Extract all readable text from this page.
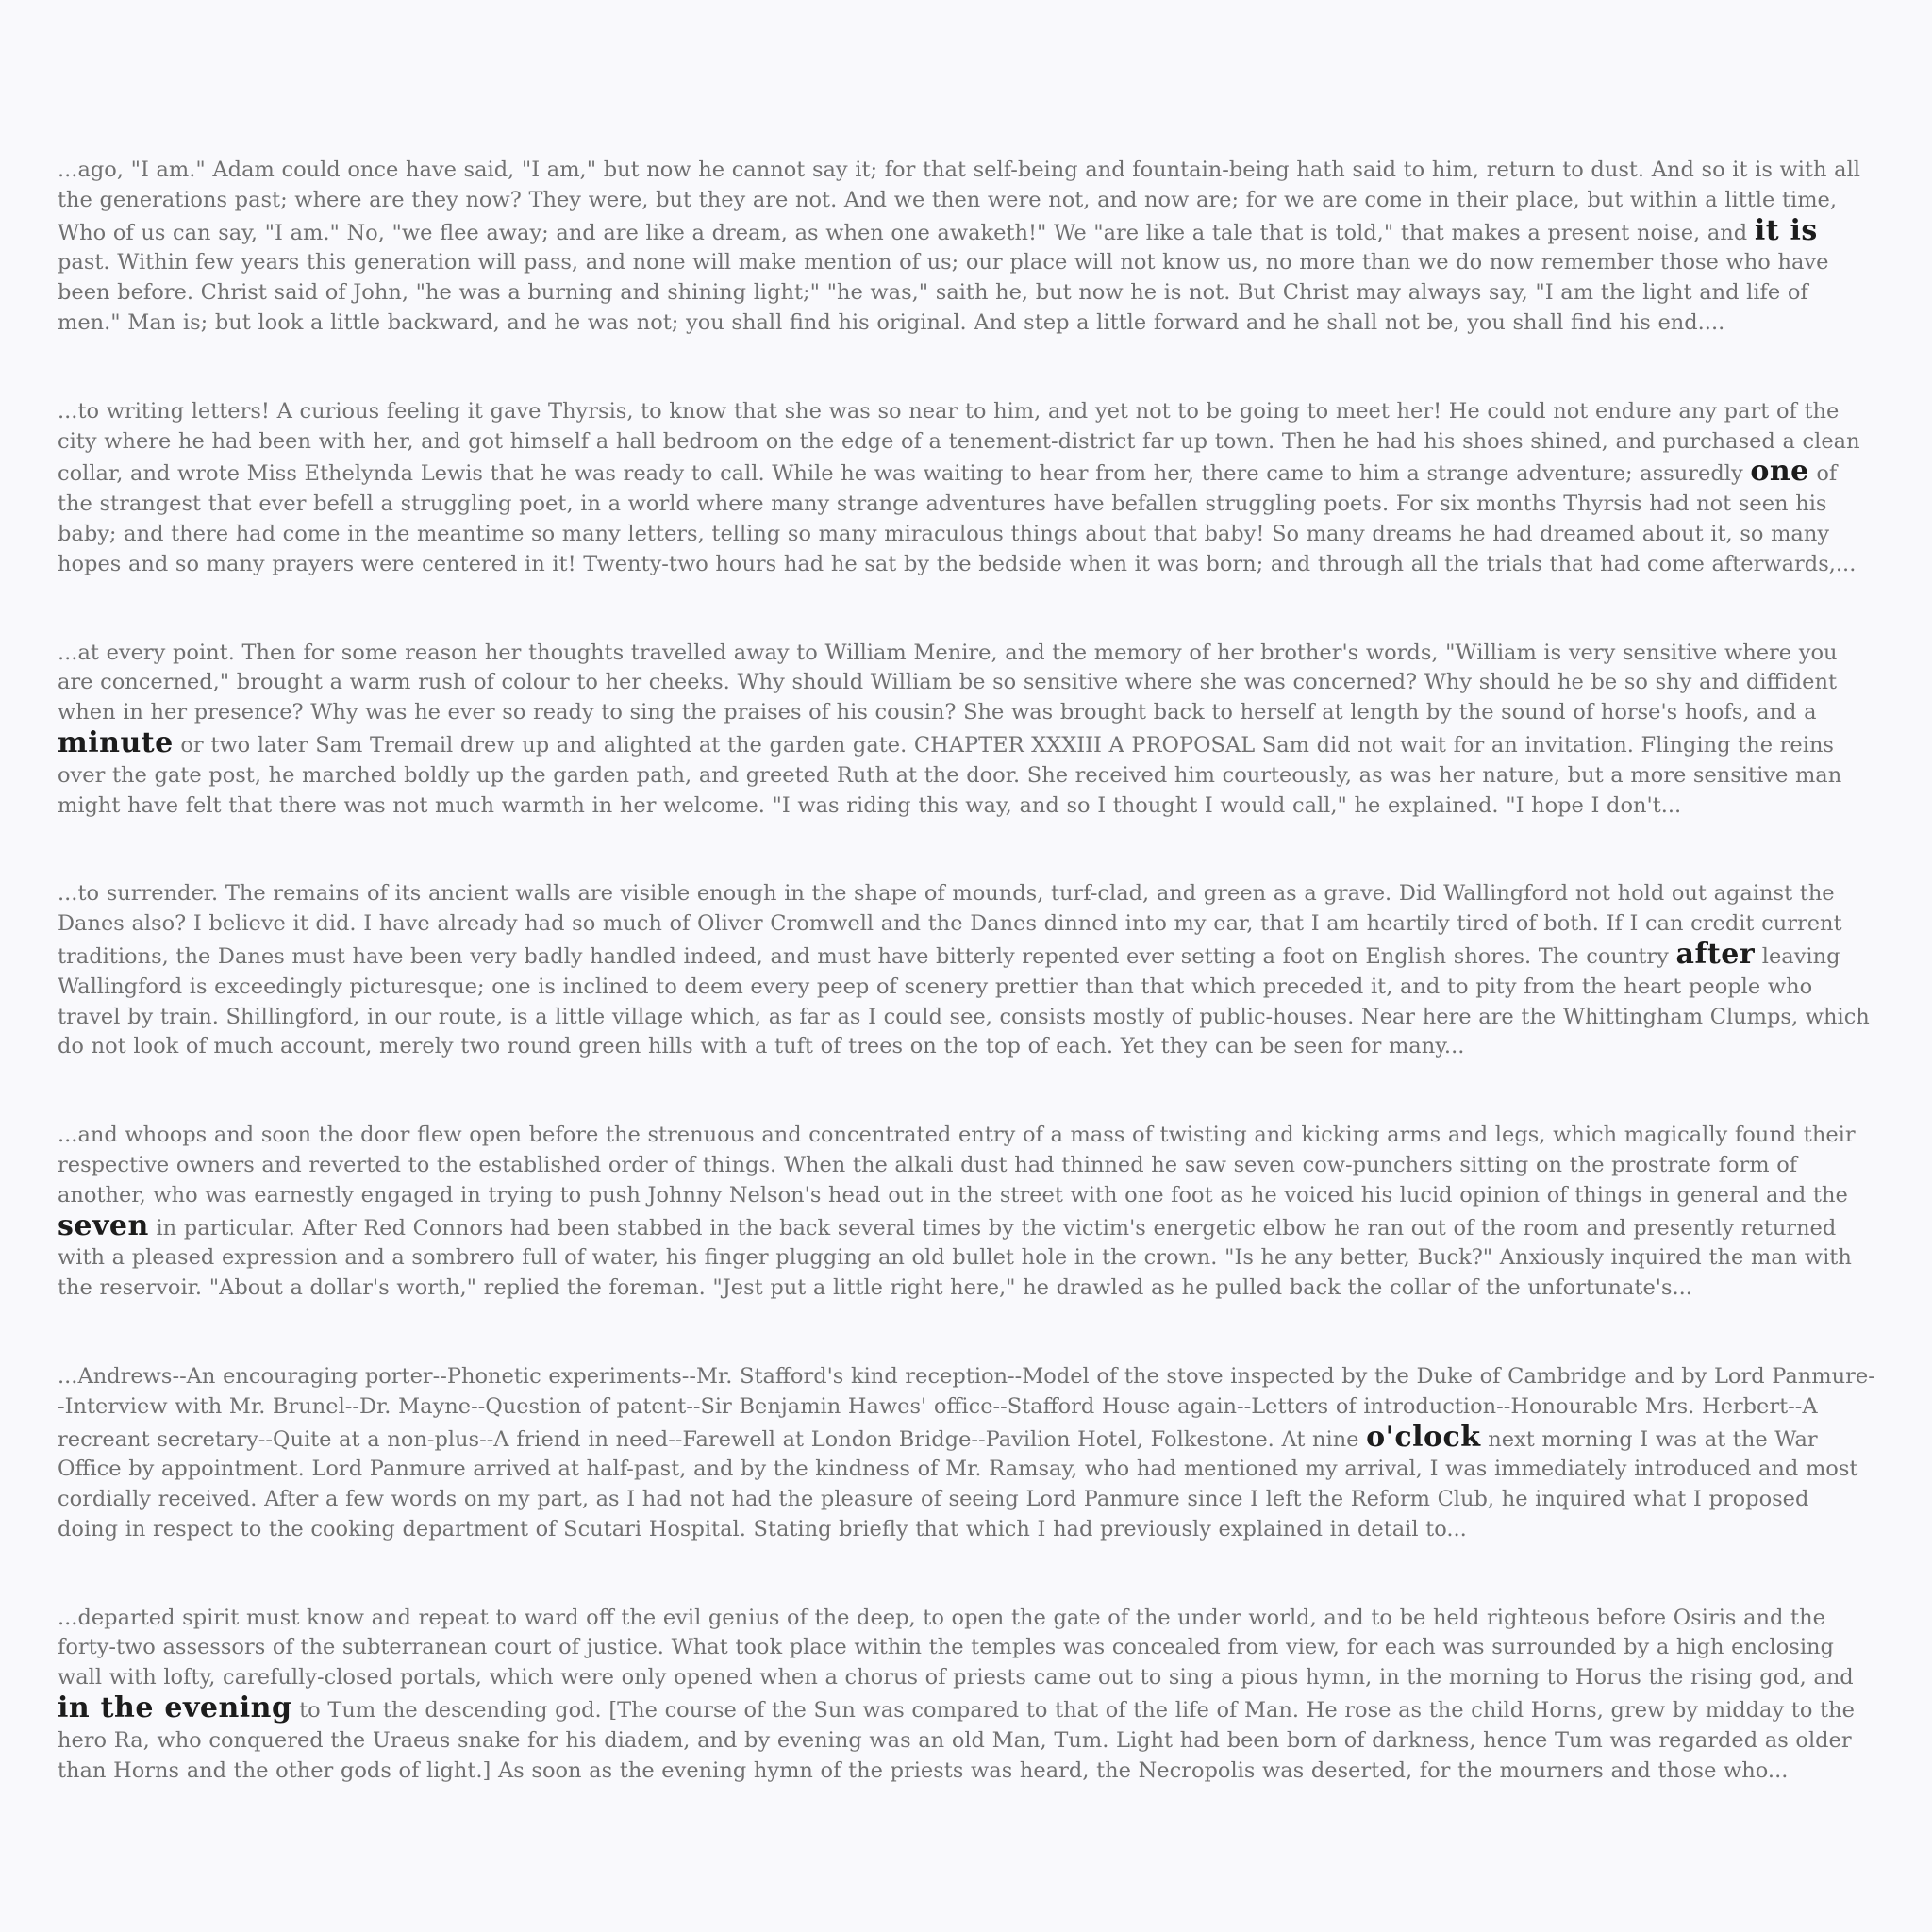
...ago, "I am." Adam could once have said, "I am," but now he cannot say it; for that self-being and fountain-being hath said to him, return to dust. And so it is with all the generations past; where are they now? They were, but they are not. And we then were not, and now are; for we are come in their place, but within a little time, Who of us can say, "I am." No, "we flee away; and are like a dream, as when one awaketh!" We "are like a tale that is told," that makes a present noise, and it is past. Within few years this generation will pass, and none will make mention of us; our place will not know us, no more than we do now remember those who have been before. Christ said of John, "he was a burning and shining light;" "he was," saith he, but now he is not. But Christ may always say, "I am the light and life of men." Man is; but look a little backward, and he was not; you shall find his original. And step a little forward and he shall not be, you shall find his end....

...to writing letters! A curious feeling it gave Thyrsis, to know that she was so near to him, and yet not to be going to meet her! He could not endure any part of the city where he had been with her, and got himself a hall bedroom on the edge of a tenement-district far up town. Then he had his shoes shined, and purchased a clean collar, and wrote Miss Ethelynda Lewis that he was ready to call. While he was waiting to hear from her, there came to him a strange adventure; assuredly one of the strangest that ever befell a struggling poet, in a world where many strange adventures have befallen struggling poets. For six months Thyrsis had not seen his baby; and there had come in the meantime so many letters, telling so many miraculous things about that baby! So many dreams he had dreamed about it, so many hopes and so many prayers were centered in it! Twenty-two hours had he sat by the bedside when it was born; and through all the trials that had come afterwards,...

...at every point. Then for some reason her thoughts travelled away to William Menire, and the memory of her brother's words, "William is very sensitive where you are concerned," brought a warm rush of colour to her cheeks. Why should William be so sensitive where she was concerned? Why should he be so shy and diffident when in her presence? Why was he ever so ready to sing the praises of his cousin? She was brought back to herself at length by the sound of horse's hoofs, and a minute or two later Sam Tremail drew up and alighted at the garden gate. CHAPTER XXXIII A PROPOSAL Sam did not wait for an invitation. Flinging the reins over the gate post, he marched boldly up the garden path, and greeted Ruth at the door. She received him courteously, as was her nature, but a more sensitive man might have felt that there was not much warmth in her welcome. "I was riding this way, and so I thought I would call," he explained. "I hope I don't...

...to surrender. The remains of its ancient walls are visible enough in the shape of mounds, turf-clad, and green as a grave. Did Wallingford not hold out against the Danes also? I believe it did. I have already had so much of Oliver Cromwell and the Danes dinned into my ear, that I am heartily tired of both. If I can credit current traditions, the Danes must have been very badly handled indeed, and must have bitterly repented ever setting a foot on English shores. The country after leaving Wallingford is exceedingly picturesque; one is inclined to deem every peep of scenery prettier than that which preceded it, and to pity from the heart people who travel by train. Shillingford, in our route, is a little village which, as far as I could see, consists mostly of public-houses. Near here are the Whittingham Clumps, which do not look of much account, merely two round green hills with a tuft of trees on the top of each. Yet they can be seen for many...

...and whoops and soon the door flew open before the strenuous and concentrated entry of a mass of twisting and kicking arms and legs, which magically found their respective owners and reverted to the established order of things. When the alkali dust had thinned he saw seven cow-punchers sitting on the prostrate form of another, who was earnestly engaged in trying to push Johnny Nelson's head out in the street with one foot as he voiced his lucid opinion of things in general and the seven in particular. After Red Connors had been stabbed in the back several times by the victim's energetic elbow he ran out of the room and presently returned with a pleased expression and a sombrero full of water, his finger plugging an old bullet hole in the crown. "Is he any better, Buck?" Anxiously inquired the man with the reservoir. "About a dollar's worth," replied the foreman. "Jest put a little right here," he drawled as he pulled back the collar of the unfortunate's...

...Andrews--An encouraging porter--Phonetic experiments--Mr. Stafford's kind reception--Model of the stove inspected by the Duke of Cambridge and by Lord Panmure--Interview with Mr. Brunel--Dr. Mayne--Question of patent--Sir Benjamin Hawes' office--Stafford House again--Letters of introduction--Honourable Mrs. Herbert--A recreant secretary--Quite at a non-plus--A friend in need--Farewell at London Bridge--Pavilion Hotel, Folkestone. At nine o'clock next morning I was at the War Office by appointment. Lord Panmure arrived at half-past, and by the kindness of Mr. Ramsay, who had mentioned my arrival, I was immediately introduced and most cordially received. After a few words on my part, as I had not had the pleasure of seeing Lord Panmure since I left the Reform Club, he inquired what I proposed doing in respect to the cooking department of Scutari Hospital. Stating briefly that which I had previously explained in detail to...

...departed spirit must know and repeat to ward off the evil genius of the deep, to open the gate of the under world, and to be held righteous before Osiris and the forty-two assessors of the subterranean court of justice. What took place within the temples was concealed from view, for each was surrounded by a high enclosing wall with lofty, carefully-closed portals, which were only opened when a chorus of priests came out to sing a pious hymn, in the morning to Horus the rising god, and in the evening to Tum the descending god. [The course of the Sun was compared to that of the life of Man. He rose as the child Horns, grew by midday to the hero Ra, who conquered the Uraeus snake for his diadem, and by evening was an old Man, Tum. Light had been born of darkness, hence Tum was regarded as older than Horns and the other gods of light.] As soon as the evening hymn of the priests was heard, the Necropolis was deserted, for the mourners and those who...
